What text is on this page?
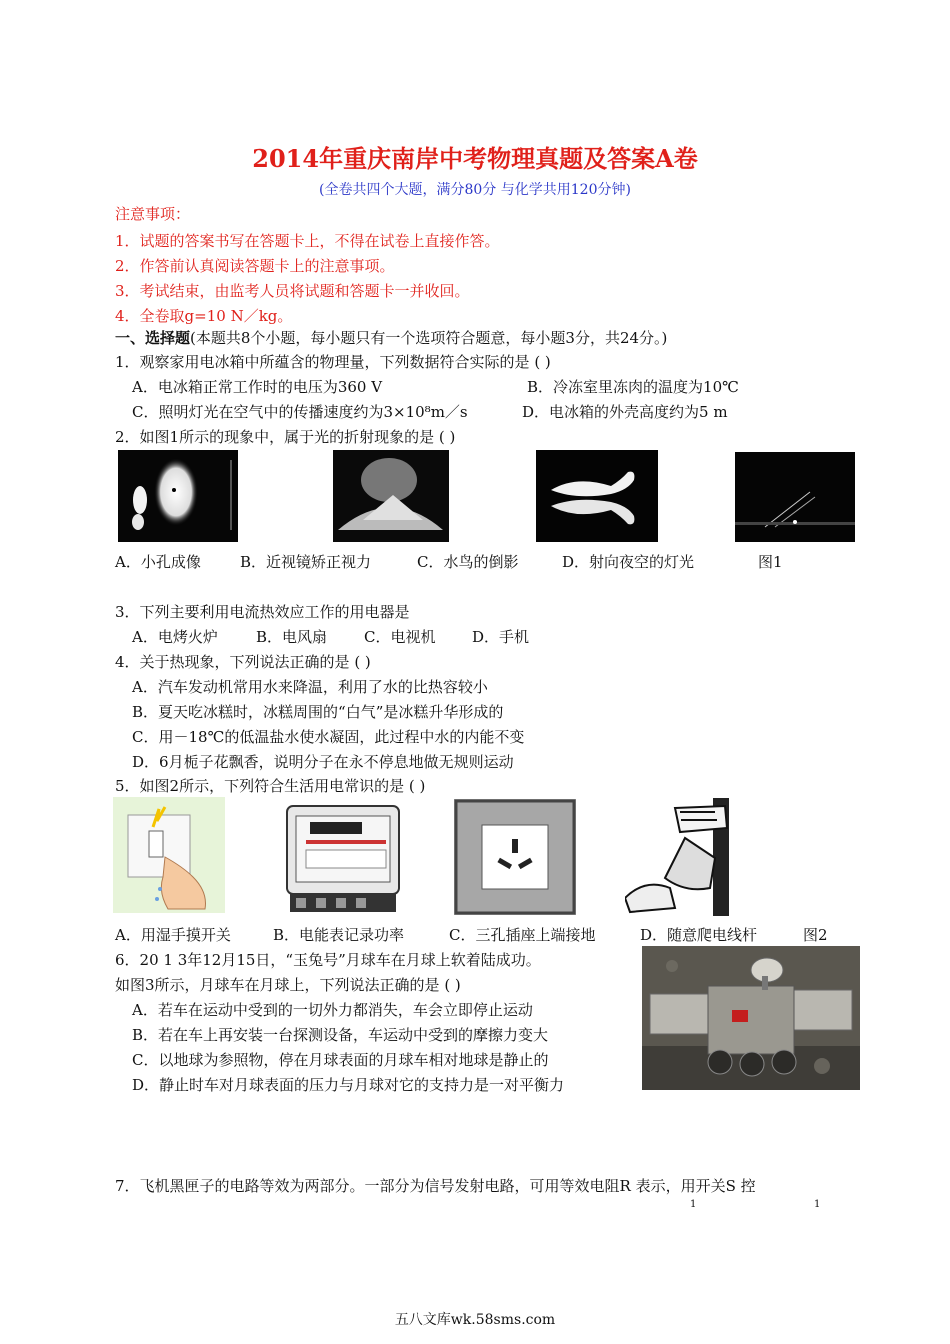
2014年重庆南岸中考物理真题及答案A卷
(全卷共四个大题，满分80分 与化学共用120分钟)
注意事项：
1．试题的答案书写在答题卡上，不得在试卷上直接作答。
2．作答前认真阅读答题卡上的注意事项。
3．考试结束，由监考人员将试题和答题卡一并收回。
4．全卷取g=10 N／kg。
一、选择题(本题共8个小题，每小题只有一个选项符合题意，每小题3分，共24分。)
1．观察家用电冰箱中所蕴含的物理量，下列数据符合实际的是 ( )
A．电冰箱正常工作时的电压为360 V	B．冷冻室里冻肉的温度为10℃
C．照明灯光在空气中的传播速度约为3×10⁸m／s	D．电冰箱的外壳高度约为5 m
2．如图1所示的现象中，属于光的折射现象的是 ( )
A．小孔成像	B．近视镜矫正视力	C．水鸟的倒影	D．射向夜空的灯光	图1
3．下列主要利用电流热效应工作的用电器是
A．电烤火炉	B．电风扇 C．电视机 D．手机
4．关于热现象，下列说法正确的是 ( )
A．汽车发动机常用水来降温，利用了水的比热容较小
B．夏天吃冰糕时，冰糕周围的“白气”是冰糕升华形成的
C．用－18℃的低温盐水使水凝固，此过程中水的内能不变
D．6月栀子花飘香，说明分子在永不停息地做无规则运动
5．如图2所示，下列符合生活用电常识的是 ( )
A．用湿手摸开关	B．电能表记录功率	C．三孔插座上端接地	D．随意爬电线杆	图2
6．20 1 3年12月15日，“玉兔号”月球车在月球上软着陆成功。
如图3所示，月球车在月球上，下列说法正确的是 ( )
A．若车在运动中受到的一切外力都消失，车会立即停止运动
B．若在车上再安装一台探测设备，车运动中受到的摩擦力变大
C．以地球为参照物，停在月球表面的月球车相对地球是静止的
D．静止时车对月球表面的压力与月球对它的支持力是一对平衡力
7．飞机黑匣子的电路等效为两部分。一部分为信号发射电路，可用等效电阻R 表示，用开关S 控
1	1
五八文库wk.58sms.com
